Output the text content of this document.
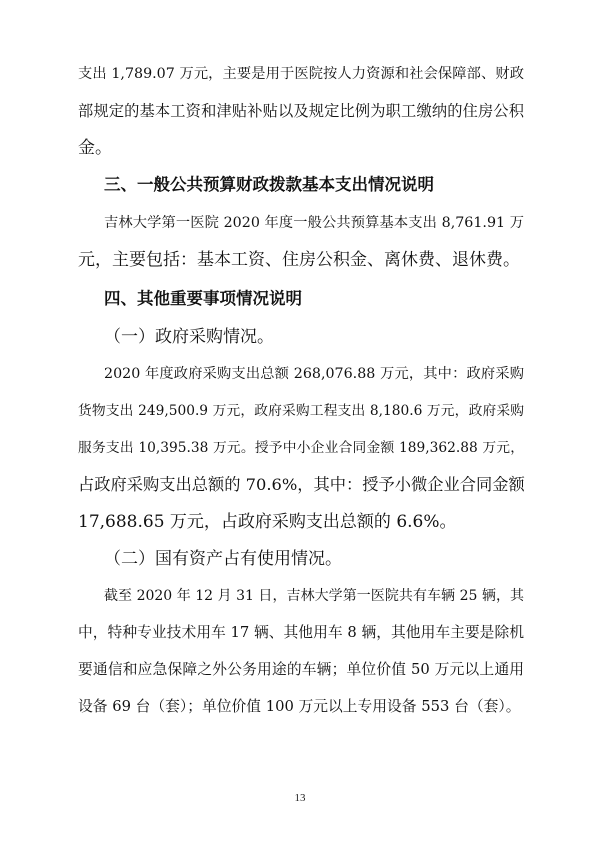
支出 1,789.07 万元，主要是用于医院按人力资源和社会保障部、财政
部规定的基本工资和津贴补贴以及规定比例为职工缴纳的住房公积
金。
三、一般公共预算财政拨款基本支出情况说明
吉林大学第一医院 2020 年度一般公共预算基本支出 8,761.91 万
元，主要包括：基本工资、住房公积金、离休费、退休费。
四、其他重要事项情况说明
（一）政府采购情况。
2020 年度政府采购支出总额 268,076.88 万元，其中：政府采购
货物支出 249,500.9 万元，政府采购工程支出 8,180.6 万元，政府采购
服务支出 10,395.38 万元。授予中小企业合同金额 189,362.88 万元，
占政府采购支出总额的 70.6%，其中：授予小微企业合同金额
17,688.65 万元，占政府采购支出总额的 6.6%。
（二）国有资产占有使用情况。
截至 2020 年 12 月 31 日，吉林大学第一医院共有车辆 25 辆，其
中，特种专业技术用车 17 辆、其他用车 8 辆，其他用车主要是除机
要通信和应急保障之外公务用途的车辆；单位价值 50 万元以上通用
设备 69 台（套）；单位价值 100 万元以上专用设备 553 台（套）。
13
